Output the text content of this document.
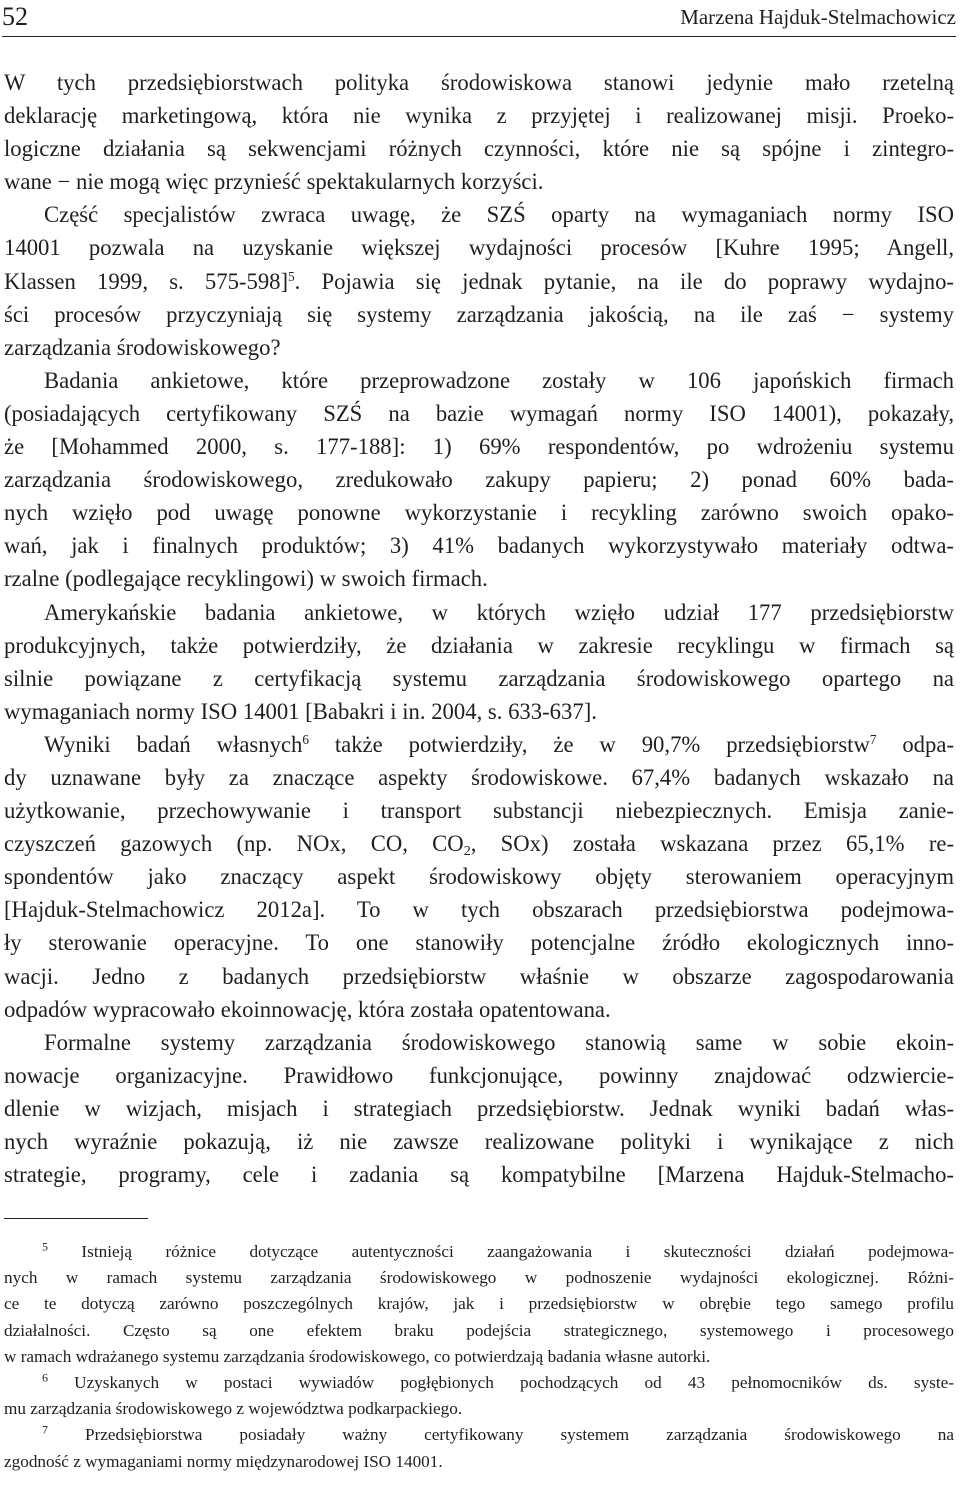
52	Marzena Hajduk-Stelmachowicz
W tych przedsiębiorstwach polityka środowiskowa stanowi jedynie mało rzetelną
deklarację marketingową, która nie wynika z przyjętej i realizowanej misji. Proeko-
logiczne działania są sekwencjami różnych czynności, które nie są spójne i zintegro-
wane − nie mogą więc przynieść spektakularnych korzyści.
Część specjalistów zwraca uwagę, że SZŚ oparty na wymaganiach normy ISO
14001 pozwala na uzyskanie większej wydajności procesów [Kuhre 1995; Angell,
Klassen 1999, s. 575-598]$^5$. Pojawia się jednak pytanie, na ile do poprawy wydajno-
ści procesów przyczyniają się systemy zarządzania jakością, na ile zaś − systemy
zarządzania środowiskowego?
Badania ankietowe, które przeprowadzone zostały w 106 japońskich firmach
(posiadających certyfikowany SZŚ na bazie wymagań normy ISO 14001), pokazały,
że [Mohammed 2000, s. 177-188]: 1) 69% respondentów, po wdrożeniu systemu
zarządzania środowiskowego, zredukowało zakupy papieru; 2) ponad 60% bada-
nych wzięło pod uwagę ponowne wykorzystanie i recykling zarówno swoich opako-
wań, jak i finalnych produktów; 3) 41% badanych wykorzystywało materiały odtwa-
rzalne (podlegające recyklingowi) w swoich firmach.
Amerykańskie badania ankietowe, w których wzięło udział 177 przedsiębiorstw
produkcyjnych, także potwierdziły, że działania w zakresie recyklingu w firmach są
silnie powiązane z certyfikacją systemu zarządzania środowiskowego opartego na
wymaganiach normy ISO 14001 [Babakri i in. 2004, s. 633-637].
Wyniki badań własnych$^6$ także potwierdziły, że w 90,7% przedsiębiorstw$^7$ odpa-
dy uznawane były za znaczące aspekty środowiskowe. 67,4% badanych wskazało na
użytkowanie, przechowywanie i transport substancji niebezpiecznych. Emisja zanie-
czyszczeń gazowych (np. NOx, CO, $CO_2$, SOx) została wskazana przez 65,1% re-
spondentów jako znaczący aspekt środowiskowy objęty sterowaniem operacyjnym
[Hajduk-Stelmachowicz 2012a]. To w tych obszarach przedsiębiorstwa podejmowa-
ły sterowanie operacyjne. To one stanowiły potencjalne źródło ekologicznych inno-
wacji. Jedno z badanych przedsiębiorstw właśnie w obszarze zagospodarowania
odpadów wypracowało ekoinnowację, która została opatentowana.
Formalne systemy zarządzania środowiskowego stanowią same w sobie ekoin-
nowacje organizacyjne. Prawidłowo funkcjonujące, powinny znajdować odzwiercie-
dlenie w wizjach, misjach i strategiach przedsiębiorstw. Jednak wyniki badań włas-
nych wyraźnie pokazują, iż nie zawsze realizowane polityki i wynikające z nich
strategie, programy, cele i zadania są kompatybilne [Marzena Hajduk-Stelmacho-
$^5$ Istnieją różnice dotyczące autentyczności zaangażowania i skuteczności działań podejmowa-
nych w ramach systemu zarządzania środowiskowego w podnoszenie wydajności ekologicznej. Różni-
ce te dotyczą zarówno poszczególnych krajów, jak i przedsiębiorstw w obrębie tego samego profilu
działalności. Często są one efektem braku podejścia strategicznego, systemowego i procesowego
w ramach wdrażanego systemu zarządzania środowiskowego, co potwierdzają badania własne autorki.
$^6$ Uzyskanych w postaci wywiadów pogłębionych pochodzących od 43 pełnomocników ds. syste-
mu zarządzania środowiskowego z województwa podkarpackiego.
$^7$ Przedsiębiorstwa posiadały ważny certyfikowany systemem zarządzania środowiskowego na
zgodność z wymaganiami normy międzynarodowej ISO 14001.
